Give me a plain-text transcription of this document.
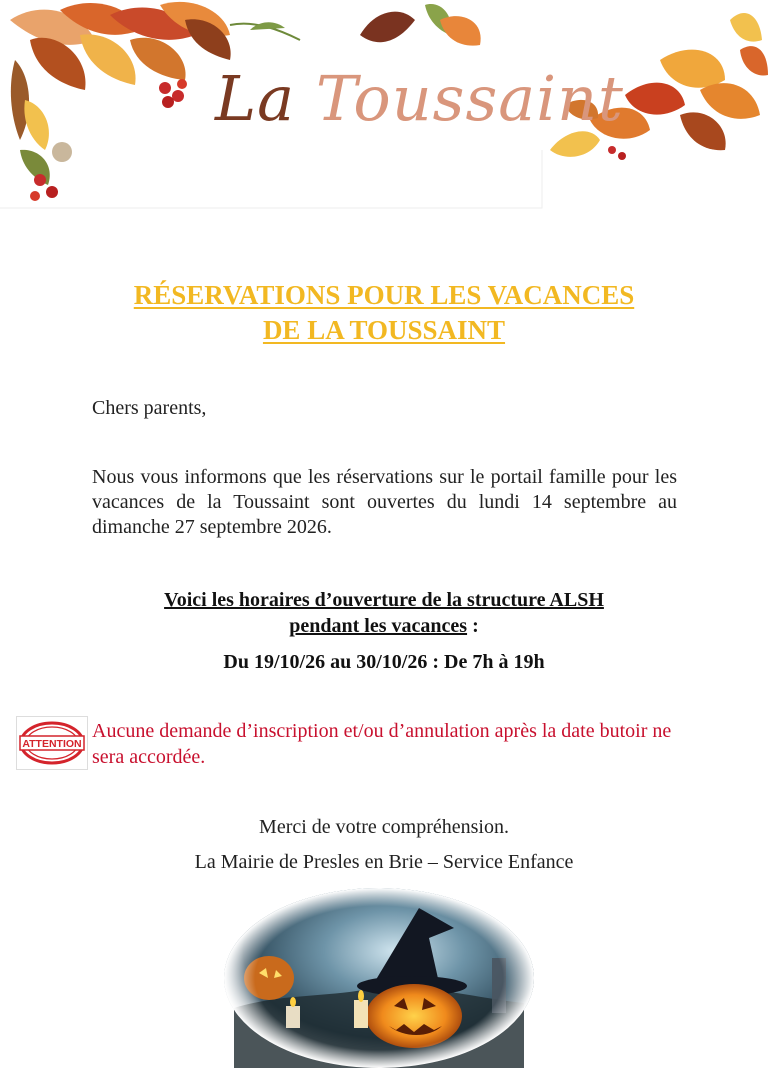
La Toussaint
RÉSERVATIONS POUR LES VACANCES
DE LA TOUSSAINT
Chers parents,
Nous vous informons que les réservations sur le portail famille pour les vacances de la Toussaint sont ouvertes du lundi 14 septembre au dimanche 27 septembre 2026.
Voici les horaires d’ouverture de la structure ALSH
pendant les vacances :
Du 19/10/26 au 30/10/26 : De 7h à 19h
ATTENTION
Aucune demande d’inscription et/ou d’annulation après la date butoir ne sera accordée.
Merci de votre compréhension.
La Mairie de Presles en Brie – Service Enfance
